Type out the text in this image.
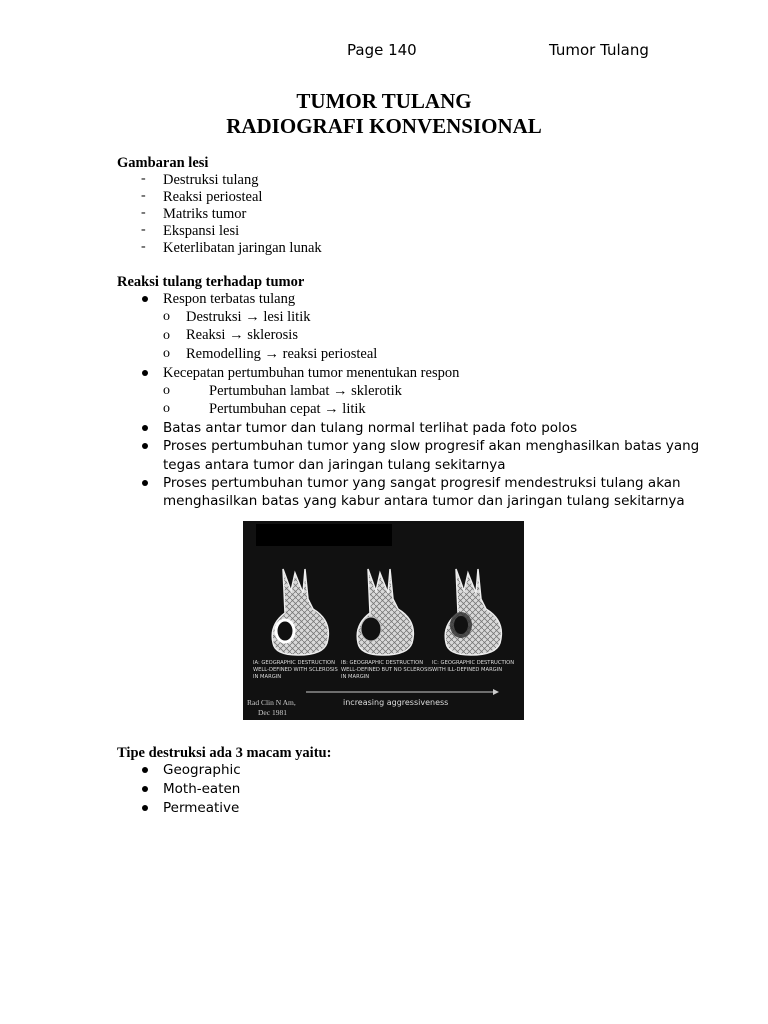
Page 140	Tumor Tulang
TUMOR TULANG
RADIOGRAFI KONVENSIONAL
Gambaran lesi
- Destruksi tulang
- Reaksi periosteal
- Matriks tumor
- Ekspansi lesi
- Keterlibatan jaringan lunak
Reaksi tulang terhadap tumor
Respon terbatas tulang
o Destruksi → lesi litik
o Reaksi → sklerosis
o Remodelling → reaksi periosteal
Kecepatan pertumbuhan tumor menentukan respon
o	Pertumbuhan lambat → sklerotik
o	Pertumbuhan cepat → litik
Batas antar tumor dan tulang normal terlihat pada foto polos
Proses pertumbuhan tumor yang slow progresif akan menghasilkan batas yang
tegas antara tumor dan jaringan tulang sekitarnya
Proses pertumbuhan tumor yang sangat progresif mendestruksi tulang akan
menghasilkan batas yang kabur antara tumor dan jaringan tulang sekitarnya
IA: GEOGRAPHIC DESTRUCTION
WELL-DEFINED WITH SCLEROSIS
IN MARGIN
IB: GEOGRAPHIC DESTRUCTION
WELL-DEFINED BUT NO SCLEROSIS
IN MARGIN
IC: GEOGRAPHIC DESTRUCTION
WITH ILL-DEFINED MARGIN
Rad Clin N Am,
Dec 1981
increasing aggressiveness
Tipe destruksi ada 3 macam yaitu:
Geographic
Moth-eaten
Permeative
